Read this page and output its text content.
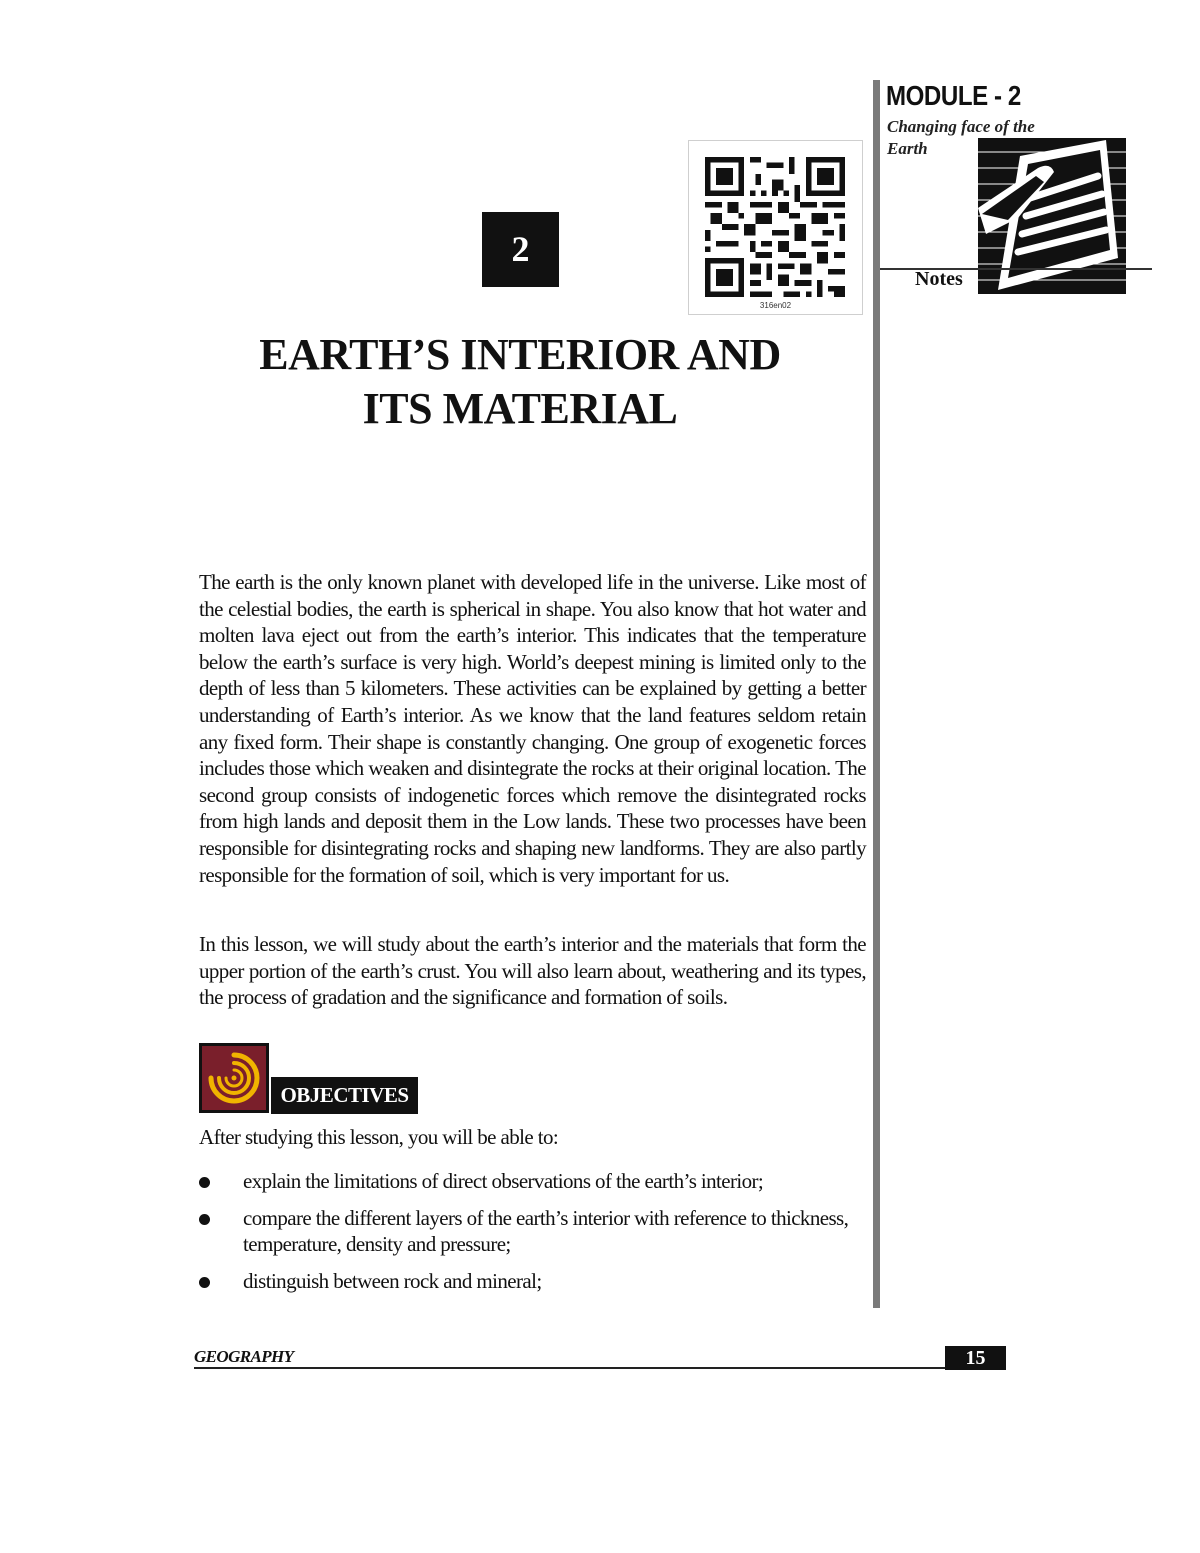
MODULE - 2
Changing face of the Earth
Notes
2
316en02
EARTH’S INTERIOR AND
ITS MATERIAL
The earth is the only known planet with developed life in the universe. Like most of the celestial bodies, the earth is spherical in shape. You also know that hot water and molten lava eject out from the earth’s interior. This indicates that the temperature below the earth’s surface is very high. World’s deepest mining is limited only to the depth of less than 5 kilometers. These activities can be explained by getting a better understanding of Earth’s interior. As we know that the land features seldom retain any fixed form. Their shape is constantly changing. One group of exogenetic forces includes those which weaken and disintegrate the rocks at their original location. The second group consists of indogenetic forces which remove the disintegrated rocks from high lands and deposit them in the Low lands. These two processes have been responsible for disintegrating rocks and shaping new landforms. They are also partly responsible for the formation of soil, which is very important for us.
In this lesson, we will study about the earth’s interior and the materials that form the upper portion of the earth’s crust. You will also learn about, weathering and its types, the process of gradation and the significance and formation of soils.
OBJECTIVES
After studying this lesson, you will be able to:
explain the limitations of direct observations of the earth’s interior;
compare the different layers of the earth’s interior with reference to thickness, temperature, density and pressure;
distinguish between rock and mineral;
GEOGRAPHY	15
